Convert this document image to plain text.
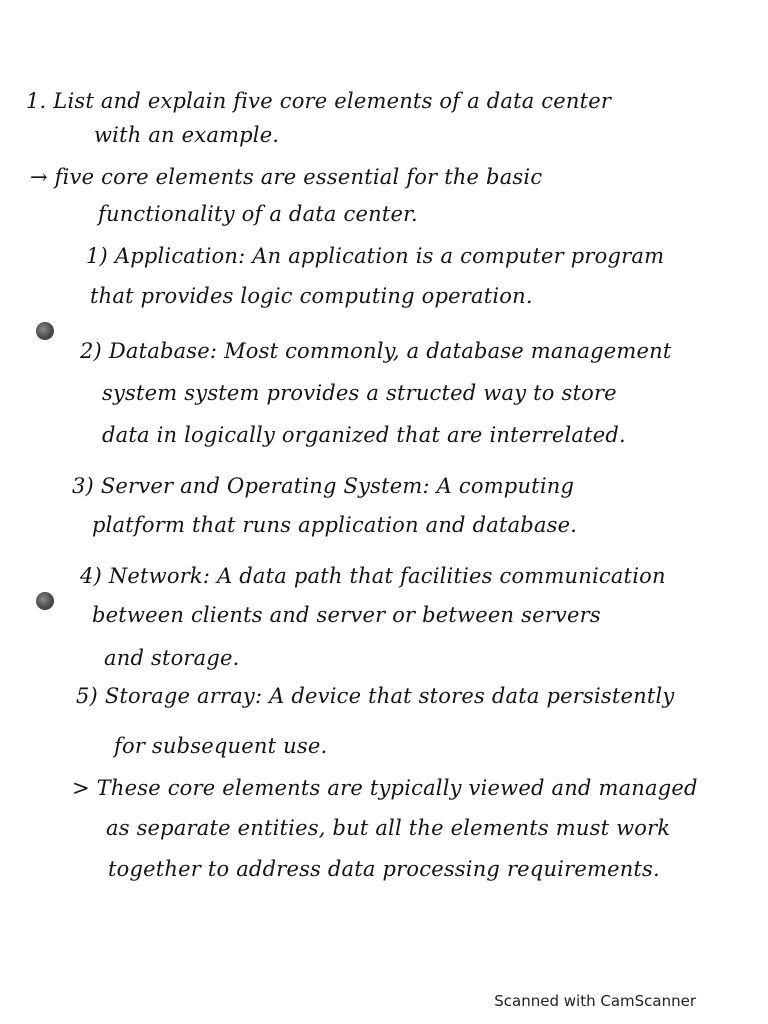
1. List and explain five core elements of a data center
with an example.
→ five core elements are essential for the basic
functionality of a data center.
1) Application: An application is a computer program
that provides logic computing operation.
2) Database: Most commonly, a database management
system system provides a structed way to store
data in logically organized that are interrelated.
3) Server and Operating System: A computing
platform that runs application and database.
4) Network: A data path that facilities communication
between clients and server or between servers
and storage.
5) Storage array: A device that stores data persistently
for subsequent use.
> These core elements are typically viewed and managed
as separate entities, but all the elements must work
together to address data processing requirements.
Scanned with CamScanner
